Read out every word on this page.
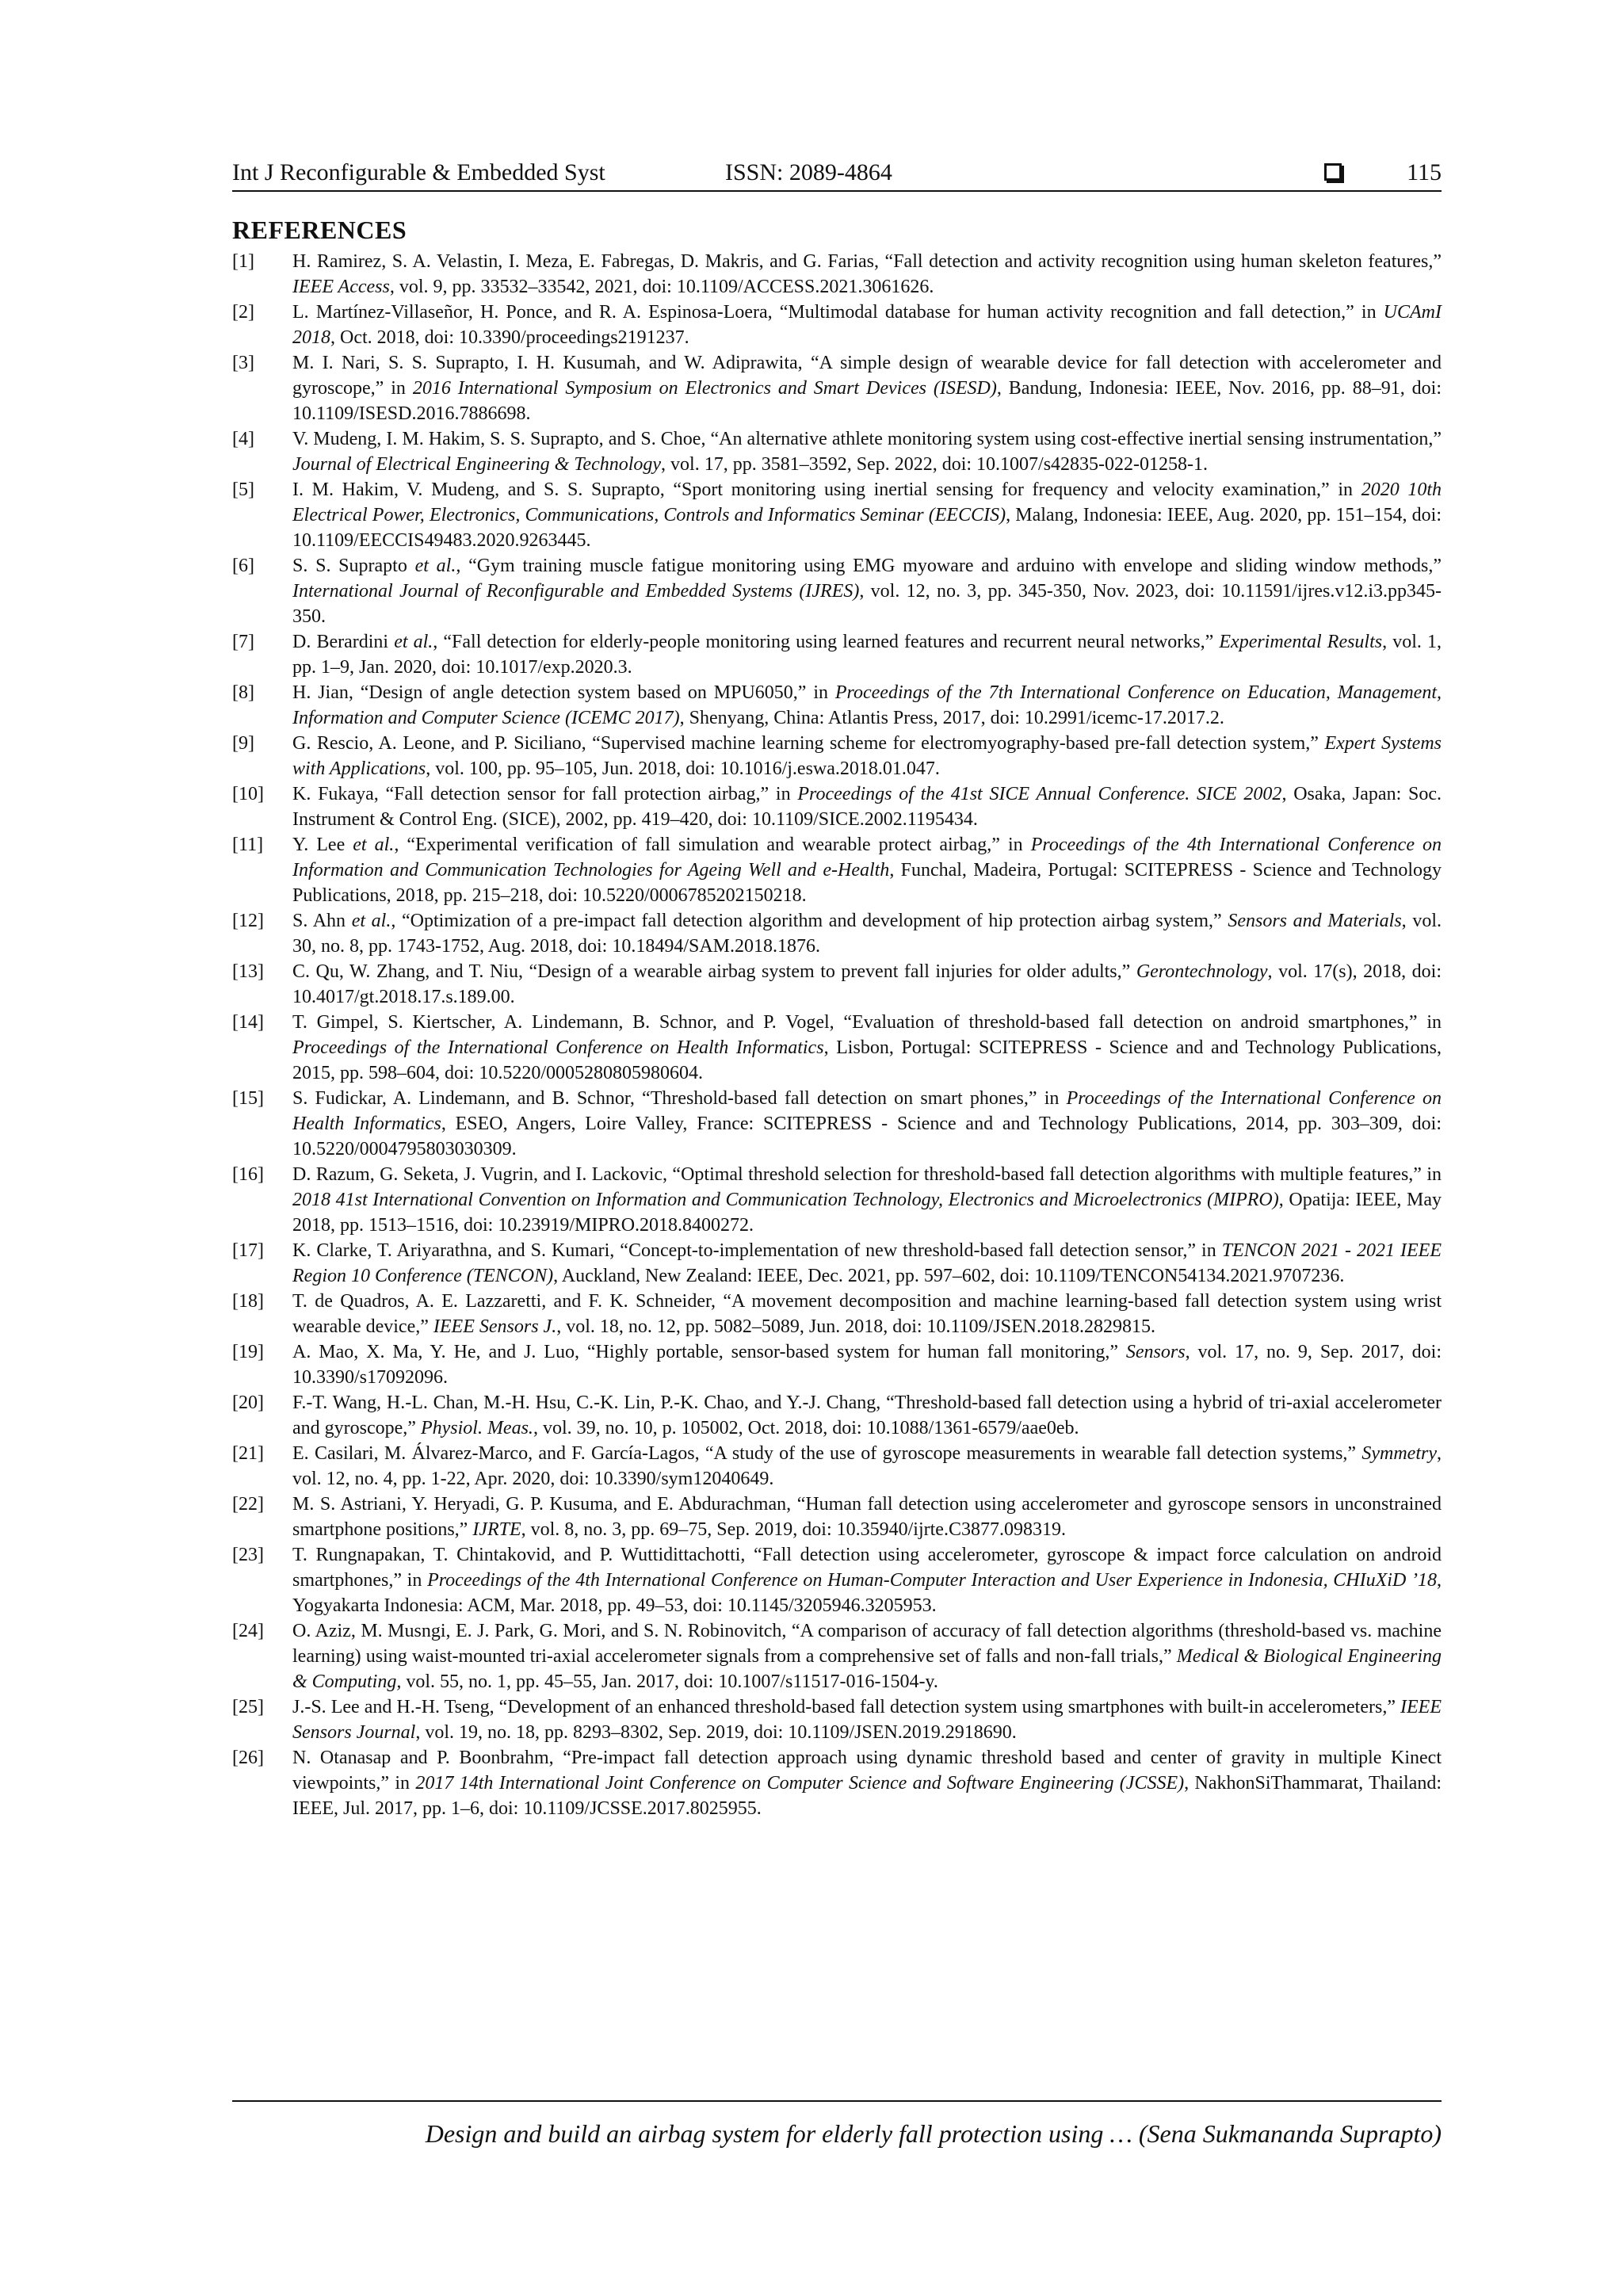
Int J Reconfigurable & Embedded Syst	ISSN: 2089-4864	115
REFERENCES
[1] H. Ramirez, S. A. Velastin, I. Meza, E. Fabregas, D. Makris, and G. Farias, “Fall detection and activity recognition using human skeleton features,” IEEE Access, vol. 9, pp. 33532–33542, 2021, doi: 10.1109/ACCESS.2021.3061626.
[2] L. Martínez-Villaseñor, H. Ponce, and R. A. Espinosa-Loera, “Multimodal database for human activity recognition and fall detection,” in UCAmI 2018, Oct. 2018, doi: 10.3390/proceedings2191237.
[3] M. I. Nari, S. S. Suprapto, I. H. Kusumah, and W. Adiprawita, “A simple design of wearable device for fall detection with accelerometer and gyroscope,” in 2016 International Symposium on Electronics and Smart Devices (ISESD), Bandung, Indonesia: IEEE, Nov. 2016, pp. 88–91, doi: 10.1109/ISESD.2016.7886698.
[4] V. Mudeng, I. M. Hakim, S. S. Suprapto, and S. Choe, “An alternative athlete monitoring system using cost-effective inertial sensing instrumentation,” Journal of Electrical Engineering & Technology, vol. 17, pp. 3581–3592, Sep. 2022, doi: 10.1007/s42835-022-01258-1.
[5] I. M. Hakim, V. Mudeng, and S. S. Suprapto, “Sport monitoring using inertial sensing for frequency and velocity examination,” in 2020 10th Electrical Power, Electronics, Communications, Controls and Informatics Seminar (EECCIS), Malang, Indonesia: IEEE, Aug. 2020, pp. 151–154, doi: 10.1109/EECCIS49483.2020.9263445.
[6] S. S. Suprapto et al., “Gym training muscle fatigue monitoring using EMG myoware and arduino with envelope and sliding window methods,” International Journal of Reconfigurable and Embedded Systems (IJRES), vol. 12, no. 3, pp. 345-350, Nov. 2023, doi: 10.11591/ijres.v12.i3.pp345-350.
[7] D. Berardini et al., “Fall detection for elderly-people monitoring using learned features and recurrent neural networks,” Experimental Results, vol. 1, pp. 1–9, Jan. 2020, doi: 10.1017/exp.2020.3.
[8] H. Jian, “Design of angle detection system based on MPU6050,” in Proceedings of the 7th International Conference on Education, Management, Information and Computer Science (ICEMC 2017), Shenyang, China: Atlantis Press, 2017, doi: 10.2991/icemc-17.2017.2.
[9] G. Rescio, A. Leone, and P. Siciliano, “Supervised machine learning scheme for electromyography-based pre-fall detection system,” Expert Systems with Applications, vol. 100, pp. 95–105, Jun. 2018, doi: 10.1016/j.eswa.2018.01.047.
[10] K. Fukaya, “Fall detection sensor for fall protection airbag,” in Proceedings of the 41st SICE Annual Conference. SICE 2002, Osaka, Japan: Soc. Instrument & Control Eng. (SICE), 2002, pp. 419–420, doi: 10.1109/SICE.2002.1195434.
[11] Y. Lee et al., “Experimental verification of fall simulation and wearable protect airbag,” in Proceedings of the 4th International Conference on Information and Communication Technologies for Ageing Well and e-Health, Funchal, Madeira, Portugal: SCITEPRESS - Science and Technology Publications, 2018, pp. 215–218, doi: 10.5220/0006785202150218.
[12] S. Ahn et al., “Optimization of a pre-impact fall detection algorithm and development of hip protection airbag system,” Sensors and Materials, vol. 30, no. 8, pp. 1743-1752, Aug. 2018, doi: 10.18494/SAM.2018.1876.
[13] C. Qu, W. Zhang, and T. Niu, “Design of a wearable airbag system to prevent fall injuries for older adults,” Gerontechnology, vol. 17(s), 2018, doi: 10.4017/gt.2018.17.s.189.00.
[14] T. Gimpel, S. Kiertscher, A. Lindemann, B. Schnor, and P. Vogel, “Evaluation of threshold-based fall detection on android smartphones,” in Proceedings of the International Conference on Health Informatics, Lisbon, Portugal: SCITEPRESS - Science and and Technology Publications, 2015, pp. 598–604, doi: 10.5220/0005280805980604.
[15] S. Fudickar, A. Lindemann, and B. Schnor, “Threshold-based fall detection on smart phones,” in Proceedings of the International Conference on Health Informatics, ESEO, Angers, Loire Valley, France: SCITEPRESS - Science and and Technology Publications, 2014, pp. 303–309, doi: 10.5220/0004795803030309.
[16] D. Razum, G. Seketa, J. Vugrin, and I. Lackovic, “Optimal threshold selection for threshold-based fall detection algorithms with multiple features,” in 2018 41st International Convention on Information and Communication Technology, Electronics and Microelectronics (MIPRO), Opatija: IEEE, May 2018, pp. 1513–1516, doi: 10.23919/MIPRO.2018.8400272.
[17] K. Clarke, T. Ariyarathna, and S. Kumari, “Concept-to-implementation of new threshold-based fall detection sensor,” in TENCON 2021 - 2021 IEEE Region 10 Conference (TENCON), Auckland, New Zealand: IEEE, Dec. 2021, pp. 597–602, doi: 10.1109/TENCON54134.2021.9707236.
[18] T. de Quadros, A. E. Lazzaretti, and F. K. Schneider, “A movement decomposition and machine learning-based fall detection system using wrist wearable device,” IEEE Sensors J., vol. 18, no. 12, pp. 5082–5089, Jun. 2018, doi: 10.1109/JSEN.2018.2829815.
[19] A. Mao, X. Ma, Y. He, and J. Luo, “Highly portable, sensor-based system for human fall monitoring,” Sensors, vol. 17, no. 9, Sep. 2017, doi: 10.3390/s17092096.
[20] F.-T. Wang, H.-L. Chan, M.-H. Hsu, C.-K. Lin, P.-K. Chao, and Y.-J. Chang, “Threshold-based fall detection using a hybrid of tri-axial accelerometer and gyroscope,” Physiol. Meas., vol. 39, no. 10, p. 105002, Oct. 2018, doi: 10.1088/1361-6579/aae0eb.
[21] E. Casilari, M. Álvarez-Marco, and F. García-Lagos, “A study of the use of gyroscope measurements in wearable fall detection systems,” Symmetry, vol. 12, no. 4, pp. 1-22, Apr. 2020, doi: 10.3390/sym12040649.
[22] M. S. Astriani, Y. Heryadi, G. P. Kusuma, and E. Abdurachman, “Human fall detection using accelerometer and gyroscope sensors in unconstrained smartphone positions,” IJRTE, vol. 8, no. 3, pp. 69–75, Sep. 2019, doi: 10.35940/ijrte.C3877.098319.
[23] T. Rungnapakan, T. Chintakovid, and P. Wuttidittachotti, “Fall detection using accelerometer, gyroscope & impact force calculation on android smartphones,” in Proceedings of the 4th International Conference on Human-Computer Interaction and User Experience in Indonesia, CHIuXiD ’18, Yogyakarta Indonesia: ACM, Mar. 2018, pp. 49–53, doi: 10.1145/3205946.3205953.
[24] O. Aziz, M. Musngi, E. J. Park, G. Mori, and S. N. Robinovitch, “A comparison of accuracy of fall detection algorithms (threshold-based vs. machine learning) using waist-mounted tri-axial accelerometer signals from a comprehensive set of falls and non-fall trials,” Medical & Biological Engineering & Computing, vol. 55, no. 1, pp. 45–55, Jan. 2017, doi: 10.1007/s11517-016-1504-y.
[25] J.-S. Lee and H.-H. Tseng, “Development of an enhanced threshold-based fall detection system using smartphones with built-in accelerometers,” IEEE Sensors Journal, vol. 19, no. 18, pp. 8293–8302, Sep. 2019, doi: 10.1109/JSEN.2019.2918690.
[26] N. Otanasap and P. Boonbrahm, “Pre-impact fall detection approach using dynamic threshold based and center of gravity in multiple Kinect viewpoints,” in 2017 14th International Joint Conference on Computer Science and Software Engineering (JCSSE), NakhonSiThammarat, Thailand: IEEE, Jul. 2017, pp. 1–6, doi: 10.1109/JCSSE.2017.8025955.
Design and build an airbag system for elderly fall protection using … (Sena Sukmananda Suprapto)
